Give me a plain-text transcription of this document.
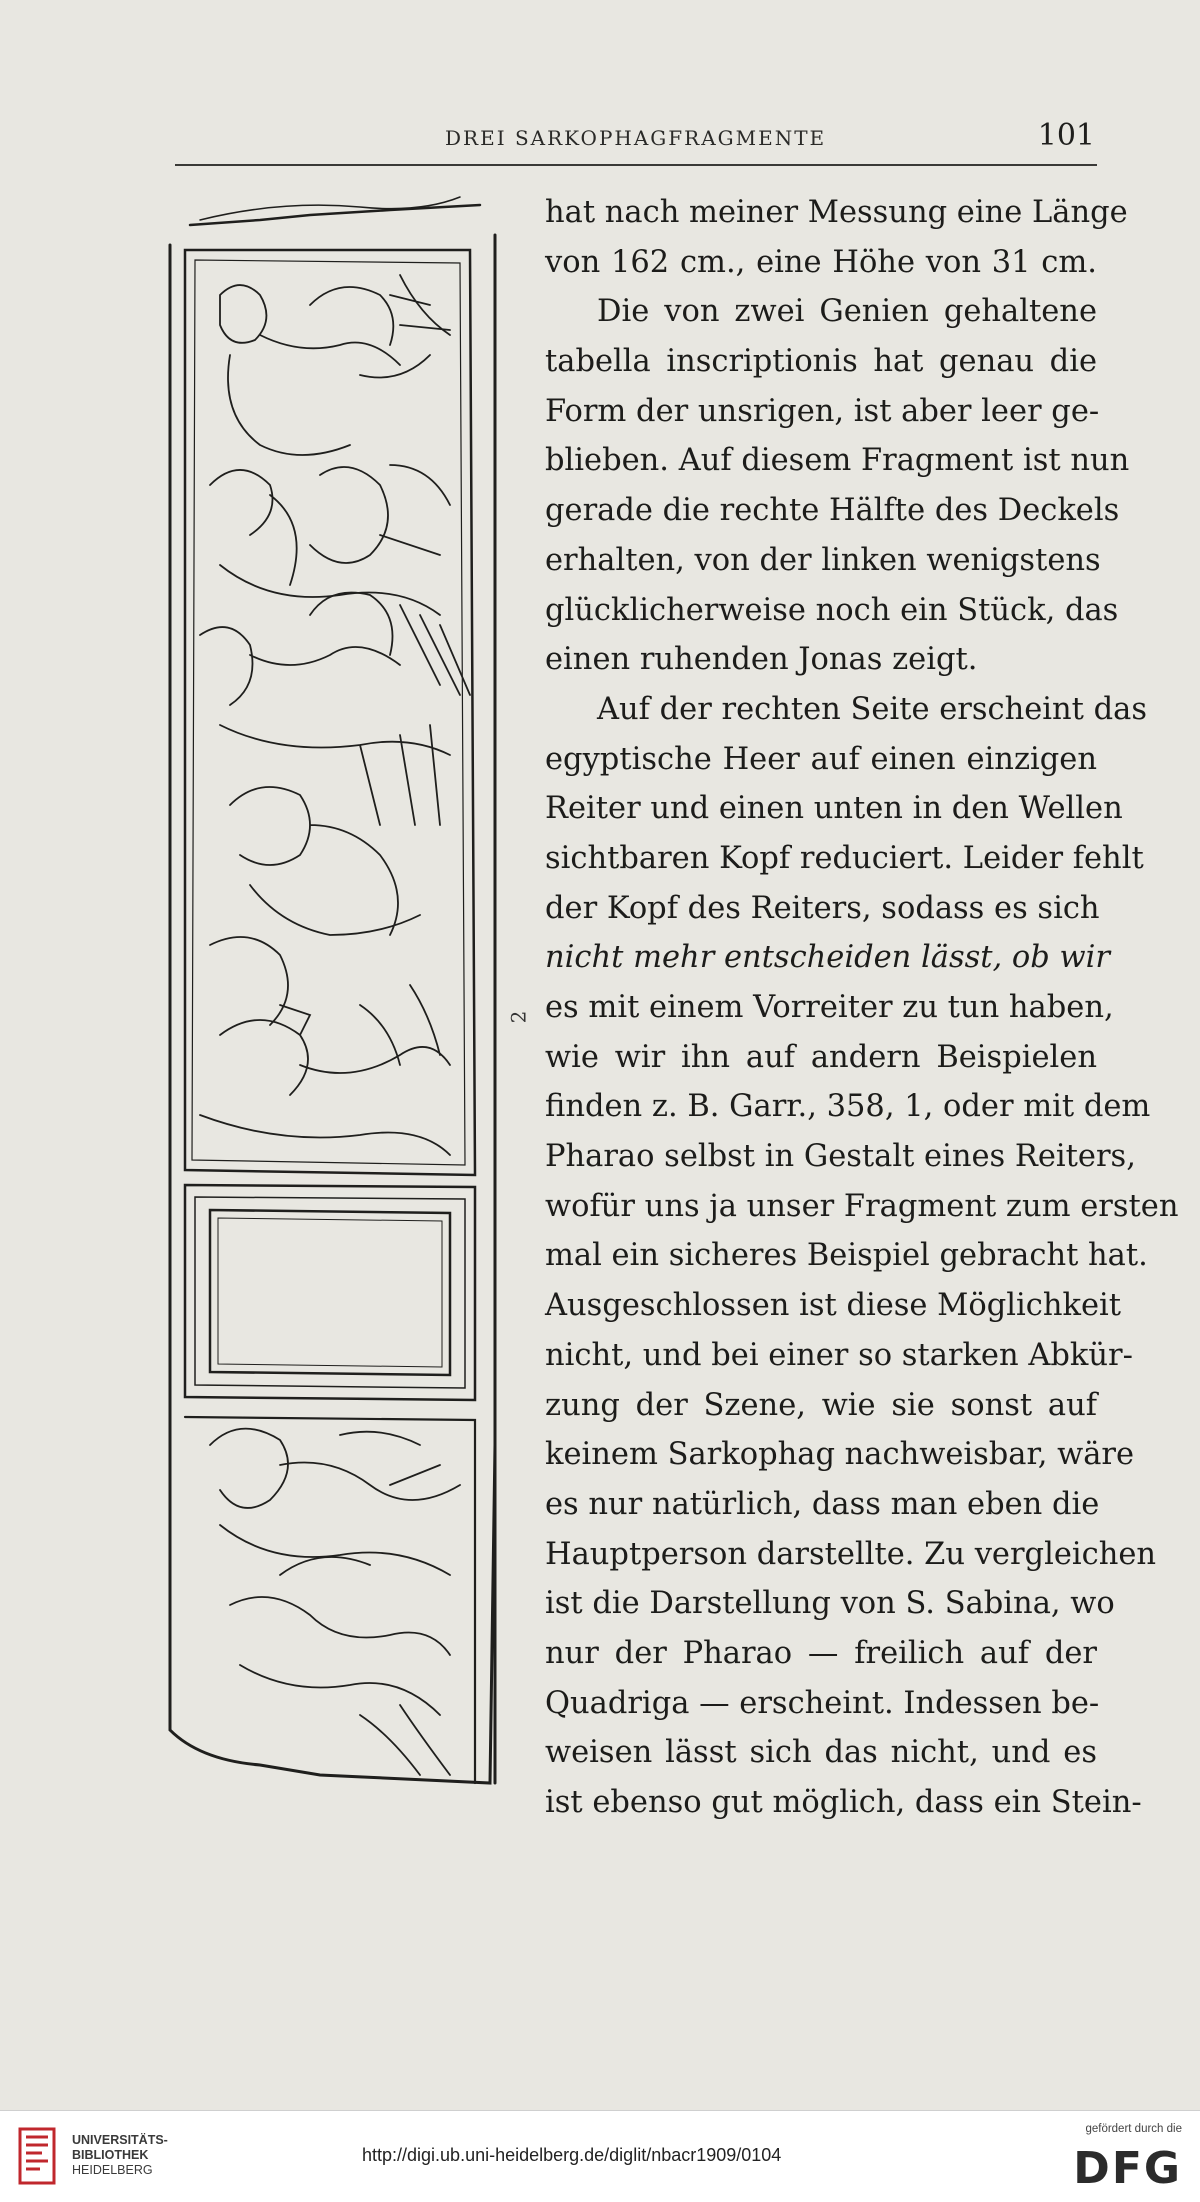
DREI SARKOPHAGFRAGMENTE	101
2
hat nach meiner Messung eine Länge
von 162 cm., eine Höhe von 31 cm.
Die von zwei Genien gehaltene
tabella inscriptionis hat genau die
Form der unsrigen, ist aber leer ge-
blieben. Auf diesem Fragment ist nun
gerade die rechte Hälfte des Deckels
erhalten, von der linken wenigstens
glücklicherweise noch ein Stück, das
einen ruhenden Jonas zeigt.
Auf der rechten Seite erscheint das
egyptische Heer auf einen einzigen
Reiter und einen unten in den Wellen
sichtbaren Kopf reduciert. Leider fehlt
der Kopf des Reiters, sodass es sich
nicht mehr entscheiden lässt, ob wir
es mit einem Vorreiter zu tun haben,
wie wir ihn auf andern Beispielen
finden z. B. Garr., 358, 1, oder mit dem
Pharao selbst in Gestalt eines Reiters,
wofür uns ja unser Fragment zum ersten
mal ein sicheres Beispiel gebracht hat.
Ausgeschlossen ist diese Möglichkeit
nicht, und bei einer so starken Abkür-
zung der Szene, wie sie sonst auf
keinem Sarkophag nachweisbar, wäre
es nur natürlich, dass man eben die
Hauptperson darstellte. Zu vergleichen
ist die Darstellung von S. Sabina, wo
nur der Pharao — freilich auf der
Quadriga — erscheint. Indessen be-
weisen lässt sich das nicht, und es
ist ebenso gut möglich, dass ein Stein-
UNIVERSITÄTS-
BIBLIOTHEK
HEIDELBERG
http://digi.ub.uni-heidelberg.de/diglit/nbacr1909/0104
gefördert durch die
DFG
